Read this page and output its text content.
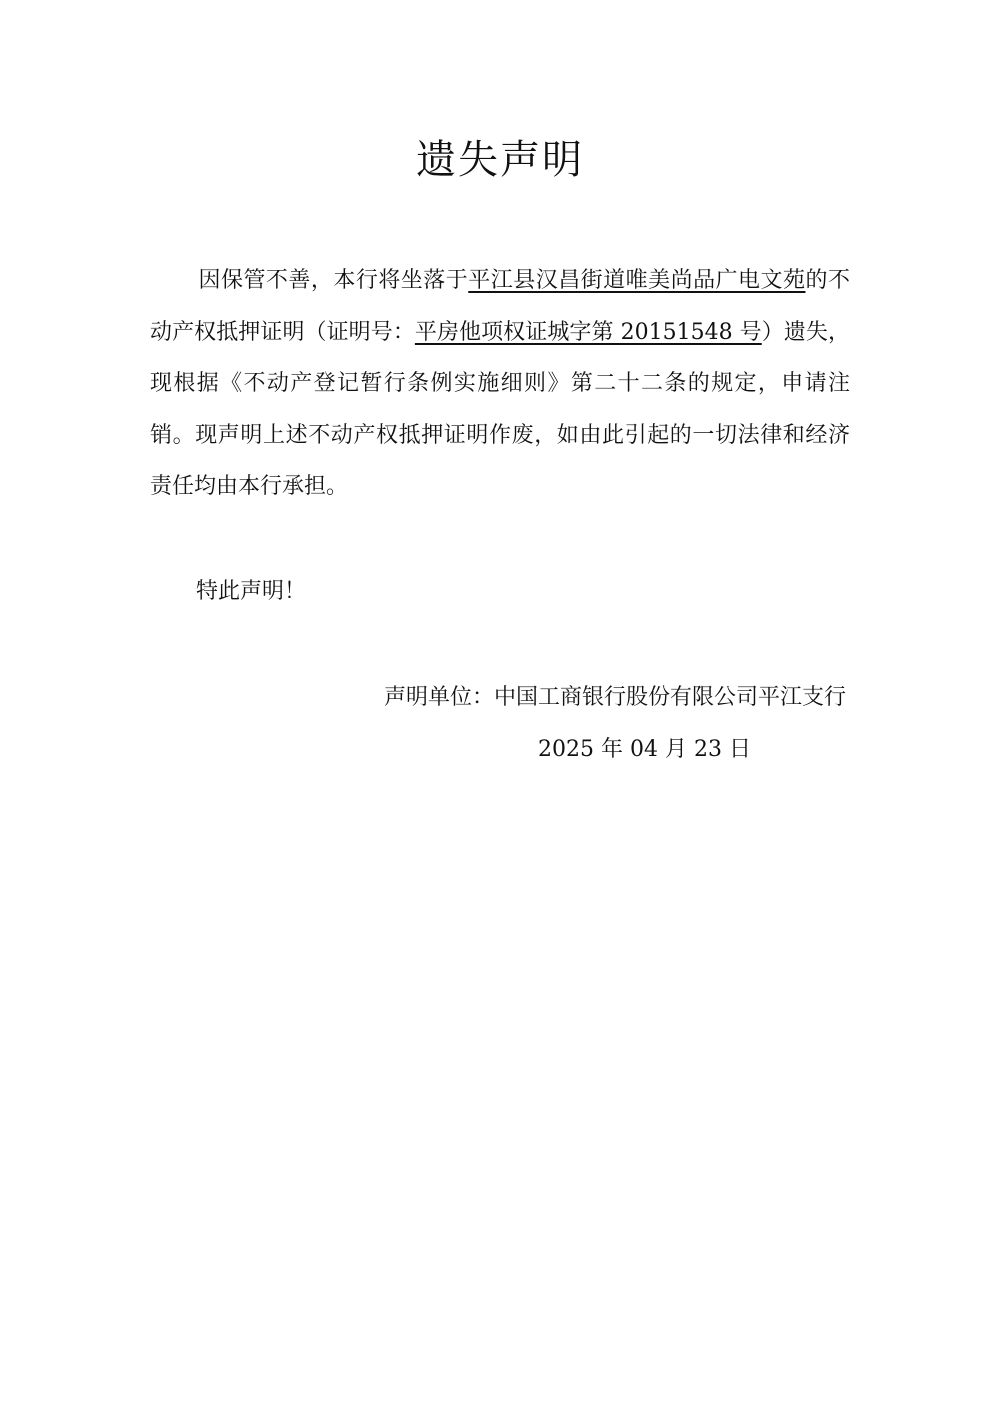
遗失声明

因保管不善，本行将坐落于平江县汉昌街道唯美尚品广电文苑的不动产权抵押证明（证明号：平房他项权证城字第 20151548 号）遗失，现根据《不动产登记暂行条例实施细则》第二十二条的规定，申请注销。现声明上述不动产权抵押证明作废，如由此引起的一切法律和经济责任均由本行承担。

特此声明！

声明单位：中国工商银行股份有限公司平江支行

2025 年 04 月 23 日
